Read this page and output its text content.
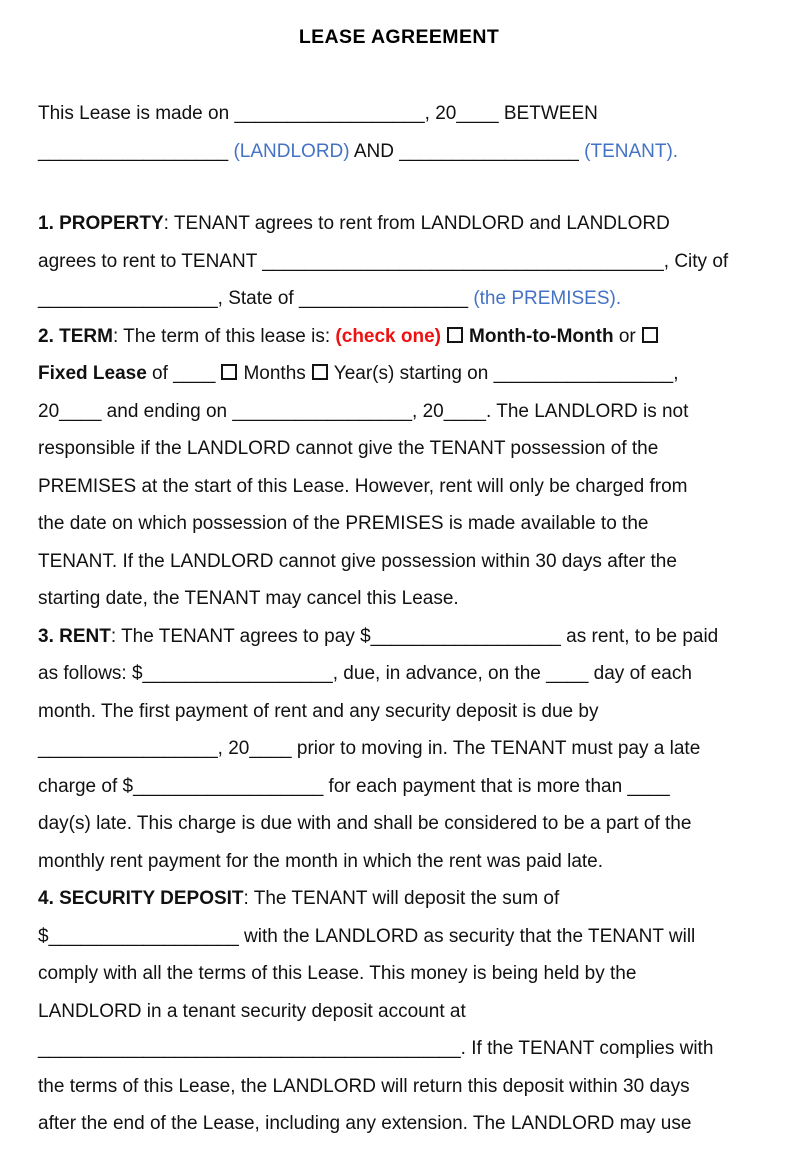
LEASE AGREEMENT
This Lease is made on __________________, 20____ BETWEEN
__________________ (LANDLORD) AND _________________ (TENANT).
1. PROPERTY: TENANT agrees to rent from LANDLORD and LANDLORD
agrees to rent to TENANT ______________________________________, City of
_________________, State of ________________ (the PREMISES).
2. TERM: The term of this lease is: (check one) Month-to-Month or
Fixed Lease of ____ Months Year(s) starting on _________________,
20____ and ending on _________________, 20____. The LANDLORD is not
responsible if the LANDLORD cannot give the TENANT possession of the
PREMISES at the start of this Lease. However, rent will only be charged from
the date on which possession of the PREMISES is made available to the
TENANT. If the LANDLORD cannot give possession within 30 days after the
starting date, the TENANT may cancel this Lease.
3. RENT: The TENANT agrees to pay $__________________ as rent, to be paid
as follows: $__________________, due, in advance, on the ____ day of each
month. The first payment of rent and any security deposit is due by
_________________, 20____ prior to moving in. The TENANT must pay a late
charge of $__________________ for each payment that is more than ____
day(s) late. This charge is due with and shall be considered to be a part of the
monthly rent payment for the month in which the rent was paid late.
4. SECURITY DEPOSIT: The TENANT will deposit the sum of
$__________________ with the LANDLORD as security that the TENANT will
comply with all the terms of this Lease. This money is being held by the
LANDLORD in a tenant security deposit account at
________________________________________. If the TENANT complies with
the terms of this Lease, the LANDLORD will return this deposit within 30 days
after the end of the Lease, including any extension. The LANDLORD may use
